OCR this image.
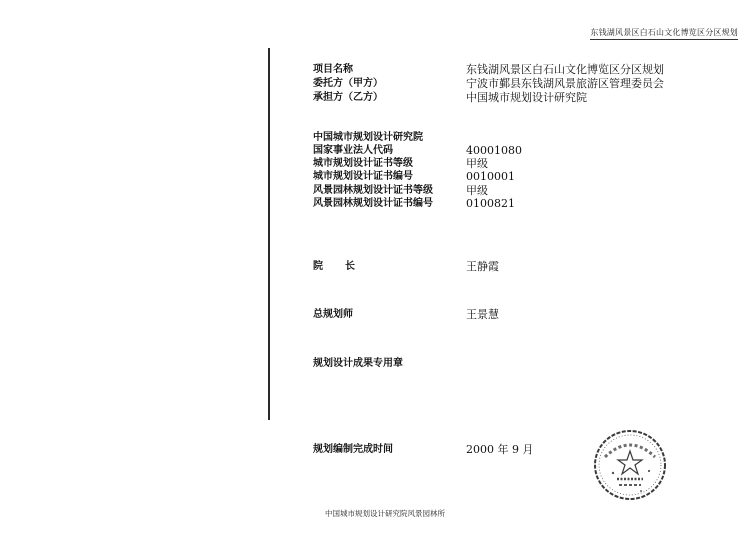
东钱湖风景区白石山文化博览区分区规划
项目名称	东钱湖风景区白石山文化博览区分区规划
委托方（甲方）	宁波市鄞县东钱湖风景旅游区管理委员会
承担方（乙方）	中国城市规划设计研究院
中国城市规划设计研究院
国家事业法人代码	40001080
城市规划设计证书等级	甲级
城市规划设计证书编号	0010001
风景园林规划设计证书等级	甲级
风景园林规划设计证书编号	0100821
院 长	王静霞
总规划师	王景慧
规划设计成果专用章
规划编制完成时间	2000 年 9 月
中国城市规划设计研究院风景园林所
